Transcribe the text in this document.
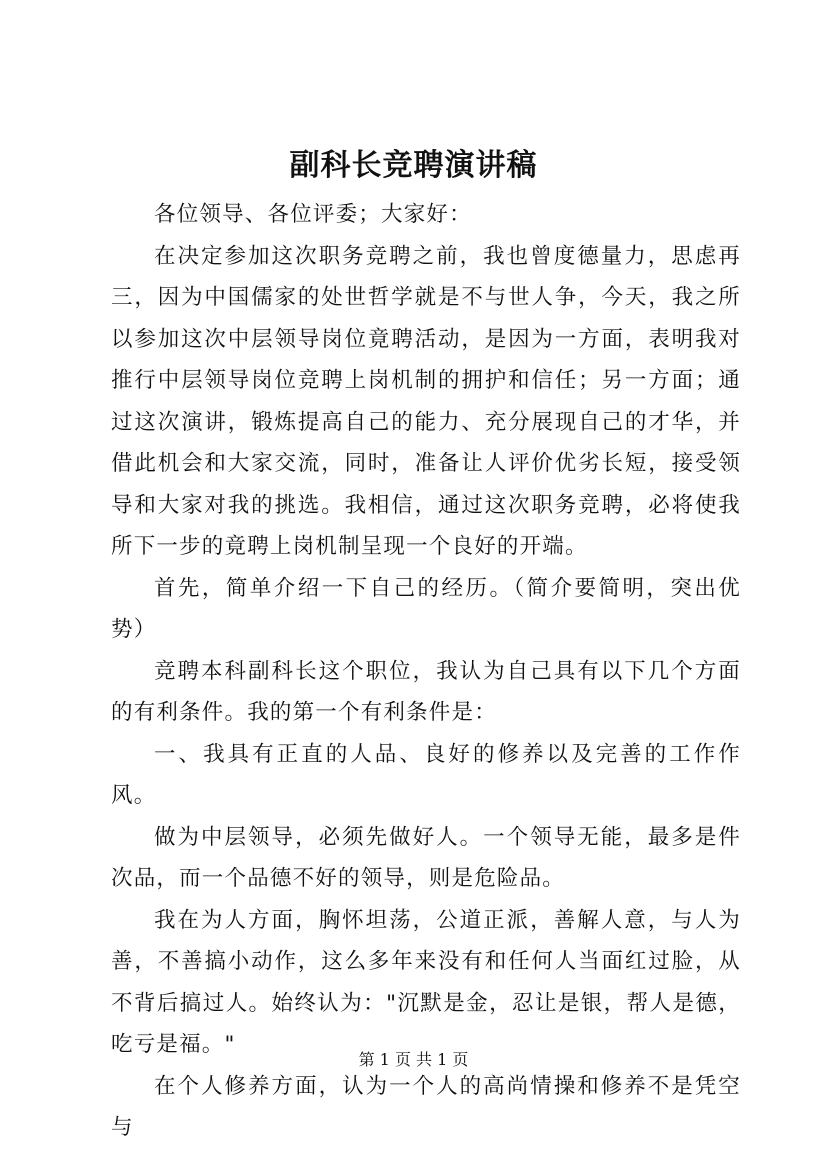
副科长竞聘演讲稿

各位领导、各位评委；大家好：

在决定参加这次职务竞聘之前，我也曾度德量力，思虑再三，因为中国儒家的处世哲学就是不与世人争，今天，我之所以参加这次中层领导岗位竟聘活动，是因为一方面，表明我对推行中层领导岗位竞聘上岗机制的拥护和信任；另一方面；通过这次演讲，锻炼提高自己的能力、充分展现自己的才华，并借此机会和大家交流，同时，准备让人评价优劣长短，接受领导和大家对我的挑选。我相信，通过这次职务竞聘，必将使我所下一步的竟聘上岗机制呈现一个良好的开端。

首先，简单介绍一下自己的经历。（简介要简明，突出优势）

竞聘本科副科长这个职位，我认为自己具有以下几个方面的有利条件。我的第一个有利条件是：

一、我具有正直的人品、良好的修养以及完善的工作作风。

做为中层领导，必须先做好人。一个领导无能，最多是件次品，而一个品德不好的领导，则是危险品。

我在为人方面，胸怀坦荡，公道正派，善解人意，与人为善，不善搞小动作，这么多年来没有和任何人当面红过脸，从不背后搞过人。始终认为："沉默是金，忍让是银，帮人是德，吃亏是福。"

在个人修养方面，认为一个人的高尚情操和修养不是凭空与

第 1 页 共 1 页
